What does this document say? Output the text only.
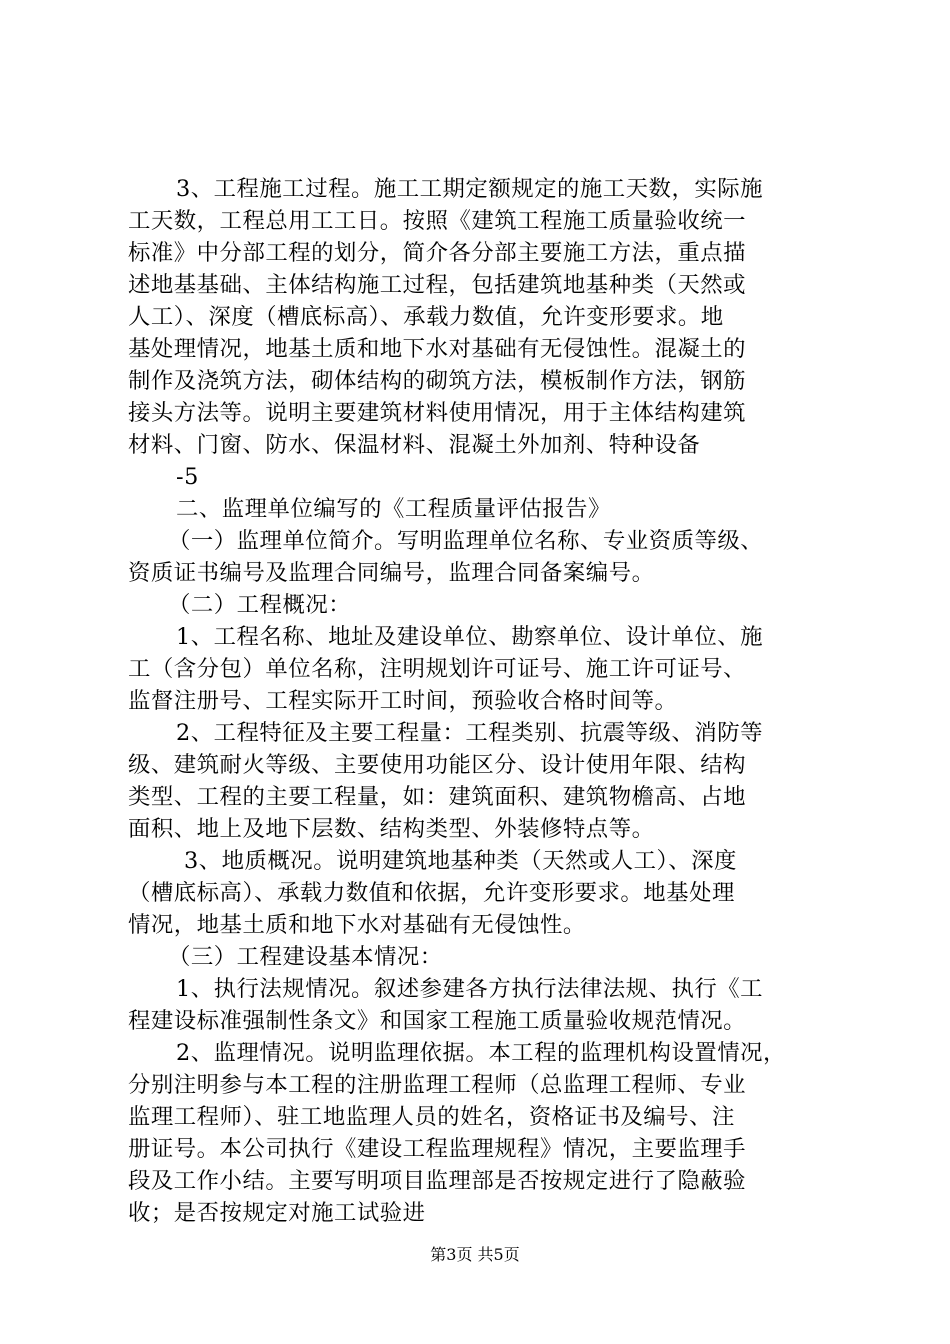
3、工程施工过程。施工工期定额规定的施工天数，实际施
工天数，工程总用工工日。按照《建筑工程施工质量验收统一
标准》中分部工程的划分，简介各分部主要施工方法，重点描
述地基基础、主体结构施工过程，包括建筑地基种类（天然或
人工）、深度（槽底标高）、承载力数值，允许变形要求。地
基处理情况，地基土质和地下水对基础有无侵蚀性。混凝土的
制作及浇筑方法，砌体结构的砌筑方法，模板制作方法，钢筋
接头方法等。说明主要建筑材料使用情况，用于主体结构建筑
材料、门窗、防水、保温材料、混凝土外加剂、特种设备
-5
二、监理单位编写的《工程质量评估报告》
（一）监理单位简介。写明监理单位名称、专业资质等级、
资质证书编号及监理合同编号，监理合同备案编号。
（二）工程概况：
1、工程名称、地址及建设单位、勘察单位、设计单位、施
工（含分包）单位名称，注明规划许可证号、施工许可证号、
监督注册号、工程实际开工时间，预验收合格时间等。
2、工程特征及主要工程量：工程类别、抗震等级、消防等
级、建筑耐火等级、主要使用功能区分、设计使用年限、结构
类型、工程的主要工程量，如：建筑面积、建筑物檐高、占地
面积、地上及地下层数、结构类型、外装修特点等。
3、地质概况。说明建筑地基种类（天然或人工）、深度
（槽底标高）、承载力数值和依据，允许变形要求。地基处理
情况，地基土质和地下水对基础有无侵蚀性。
（三）工程建设基本情况：
1、执行法规情况。叙述参建各方执行法律法规、执行《工
程建设标准强制性条文》和国家工程施工质量验收规范情况。
2、监理情况。说明监理依据。本工程的监理机构设置情况，
分别注明参与本工程的注册监理工程师（总监理工程师、专业
监理工程师）、驻工地监理人员的姓名，资格证书及编号、注
册证号。本公司执行《建设工程监理规程》情况，主要监理手
段及工作小结。主要写明项目监理部是否按规定进行了隐蔽验
收；是否按规定对施工试验进
第3页 共5页
